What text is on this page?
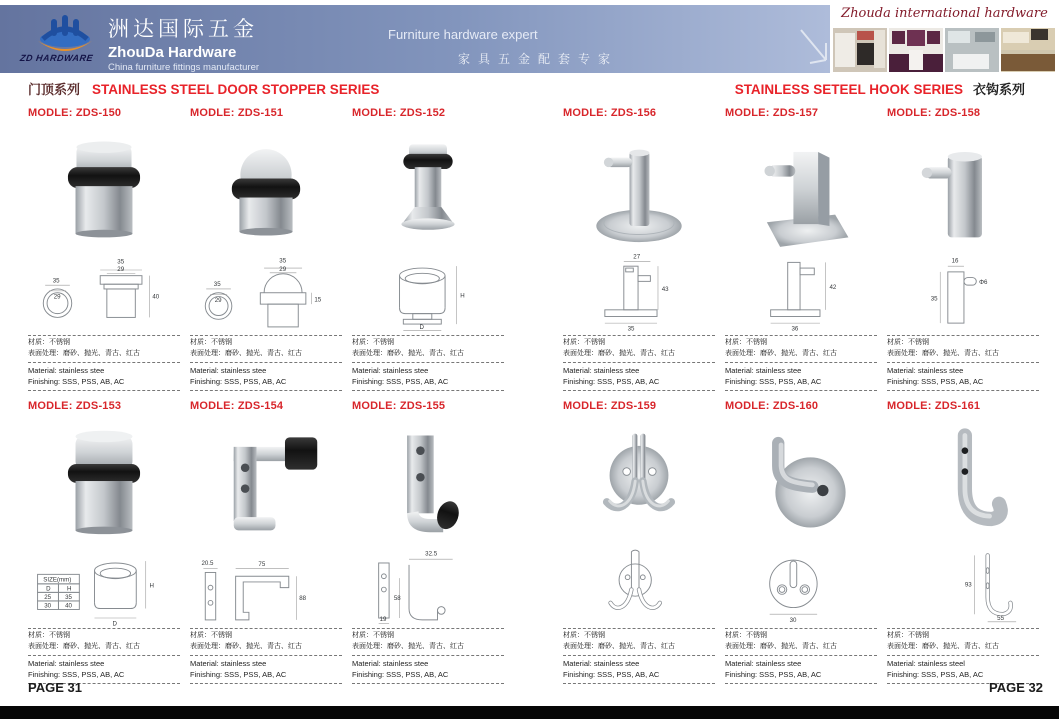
ZD HARDWARE
洲达国际五金
ZhouDa Hardware
China furniture fittings manufacturer
Furniture hardware expert
家具五金配套专家
Zhouda international hardware
门顶系列 STAINLESS STEEL DOOR STOPPER SERIES	STAINLESS SETEEL HOOK SERIES 衣钩系列
MODLE: ZDS-150
35
29
35
29
40
材质：不锈钢
表面处理：磨砂、抛光、青古、红古
Material: stainless stee
Finishing: SSS, PSS, AB, AC
MODLE: ZDS-151
35
29
35
29
15
材质：不锈钢
表面处理：磨砂、抛光、青古、红古
Material: stainless stee
Finishing: SSS, PSS, AB, AC
MODLE: ZDS-152
H
D
材质：不锈钢
表面处理：磨砂、抛光、青古、红古
Material: stainless stee
Finishing: SSS, PSS, AB, AC
MODLE: ZDS-153
SIZE(mm)
D	H
25 35
30 40
H
D
材质：不锈钢
表面处理：磨砂、抛光、青古、红古
Material: stainless stee
Finishing: SSS, PSS, AB, AC
MODLE: ZDS-154
20.5	75
88
材质：不锈钢
表面处理：磨砂、抛光、青古、红古
Material: stainless stee
Finishing: SSS, PSS, AB, AC
MODLE: ZDS-155
32.5
19
58
材质：不锈钢
表面处理：磨砂、抛光、青古、红古
Material: stainless stee
Finishing: SSS, PSS, AB, AC
MODLE: ZDS-156
27
43
35
材质：不锈钢
表面处理：磨砂、抛光、青古、红古
Material: stainless stee
Finishing: SSS, PSS, AB, AC
MODLE: ZDS-157
42
36
材质：不锈钢
表面处理：磨砂、抛光、青古、红古
Material: stainless stee
Finishing: SSS, PSS, AB, AC
MODLE: ZDS-158
16
35
Φ6
材质：不锈钢
表面处理：磨砂、抛光、青古、红古
Material: stainless stee
Finishing: SSS, PSS, AB, AC
MODLE: ZDS-159
材质：不锈钢
表面处理：磨砂、抛光、青古、红古
Material: stainless stee
Finishing: SSS, PSS, AB, AC
MODLE: ZDS-160
30
材质：不锈钢
表面处理：磨砂、抛光、青古、红古
Material: stainless stee
Finishing: SSS, PSS, AB, AC
MODLE: ZDS-161
93
55
材质：不锈钢
表面处理：磨砂、抛光、青古、红古
Material: stainless steel
Finishing: SSS, PSS, AB, AC
PAGE 31	PAGE 32
